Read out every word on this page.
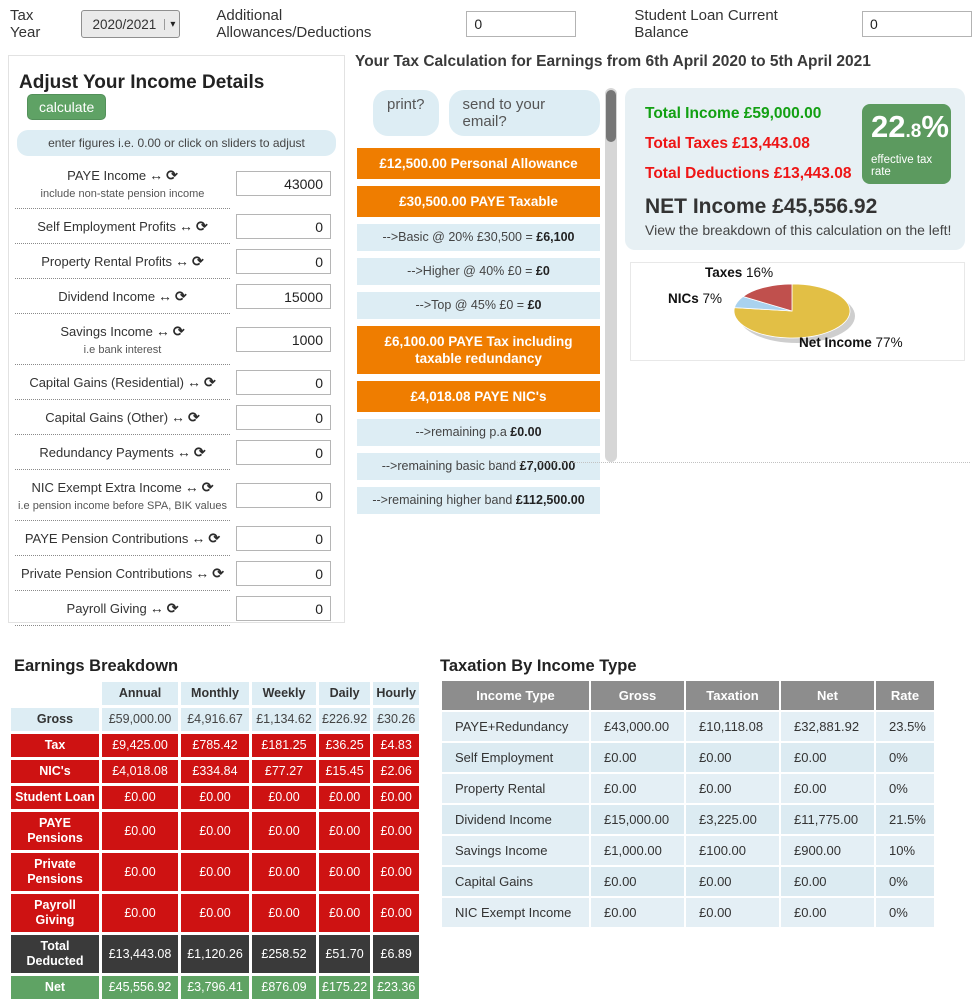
Tax Year	2020/2021	▾	Additional Allowances/Deductions
0
Student Loan Current Balance
0
Adjust Your Income Details calculate
enter figures i.e. 0.00 or click on sliders to adjust
PAYE Income ↔ ⟳
include non-state pension income
43000
Self Employment Profits ↔ ⟳
0
Property Rental Profits ↔ ⟳
0
Dividend Income ↔ ⟳
15000
Savings Income ↔ ⟳
i.e bank interest
1000
Capital Gains (Residential) ↔ ⟳
0
Capital Gains (Other) ↔ ⟳
0
Redundancy Payments ↔ ⟳
0
NIC Exempt Extra Income ↔ ⟳
i.e pension income before SPA, BIK values
0
PAYE Pension Contributions ↔ ⟳
0
Private Pension Contributions ↔ ⟳
0
Payroll Giving ↔ ⟳
0
Your Tax Calculation for Earnings from 6th April 2020 to 5th April 2021
print?	send to your email?
£12,500.00 Personal Allowance
£30,500.00 PAYE Taxable
-->Basic @ 20% £30,500 = £6,100
-->Higher @ 40% £0 = £0
-->Top @ 45% £0 = £0
£6,100.00 PAYE Tax including taxable redundancy
£4,018.08 PAYE NIC's
-->remaining p.a £0.00
-->remaining basic band £7,000.00
-->remaining higher band £112,500.00
Total Income £59,000.00
Total Taxes £13,443.08
Total Deductions £13,443.08
NET Income £45,556.92
View the breakdown of this calculation on the left!
22.8%
effective tax rate
Taxes 16%
NICs 7%
Net Income 77%
Earnings Breakdown
	Annual	Monthly	Weekly	Daily	Hourly
Gross	£59,000.00	£4,916.67	£1,134.62	£226.92	£30.26
Tax	£9,425.00	£785.42	£181.25	£36.25	£4.83
NIC's	£4,018.08	£334.84	£77.27	£15.45	£2.06
Student Loan	£0.00	£0.00	£0.00	£0.00	£0.00
PAYE Pensions	£0.00	£0.00	£0.00	£0.00	£0.00
Private Pensions	£0.00	£0.00	£0.00	£0.00	£0.00
Payroll Giving	£0.00	£0.00	£0.00	£0.00	£0.00
Total Deducted	£13,443.08	£1,120.26	£258.52	£51.70	£6.89
Net	£45,556.92	£3,796.41	£876.09	£175.22	£23.36
Taxation By Income Type
Income Type	Gross	Taxation	Net	Rate
PAYE+Redundancy	£43,000.00	£10,118.08	£32,881.92	23.5%
Self Employment	£0.00	£0.00	£0.00	0%
Property Rental	£0.00	£0.00	£0.00	0%
Dividend Income	£15,000.00	£3,225.00	£11,775.00	21.5%
Savings Income	£1,000.00	£100.00	£900.00	10%
Capital Gains	£0.00	£0.00	£0.00	0%
NIC Exempt Income	£0.00	£0.00	£0.00	0%
